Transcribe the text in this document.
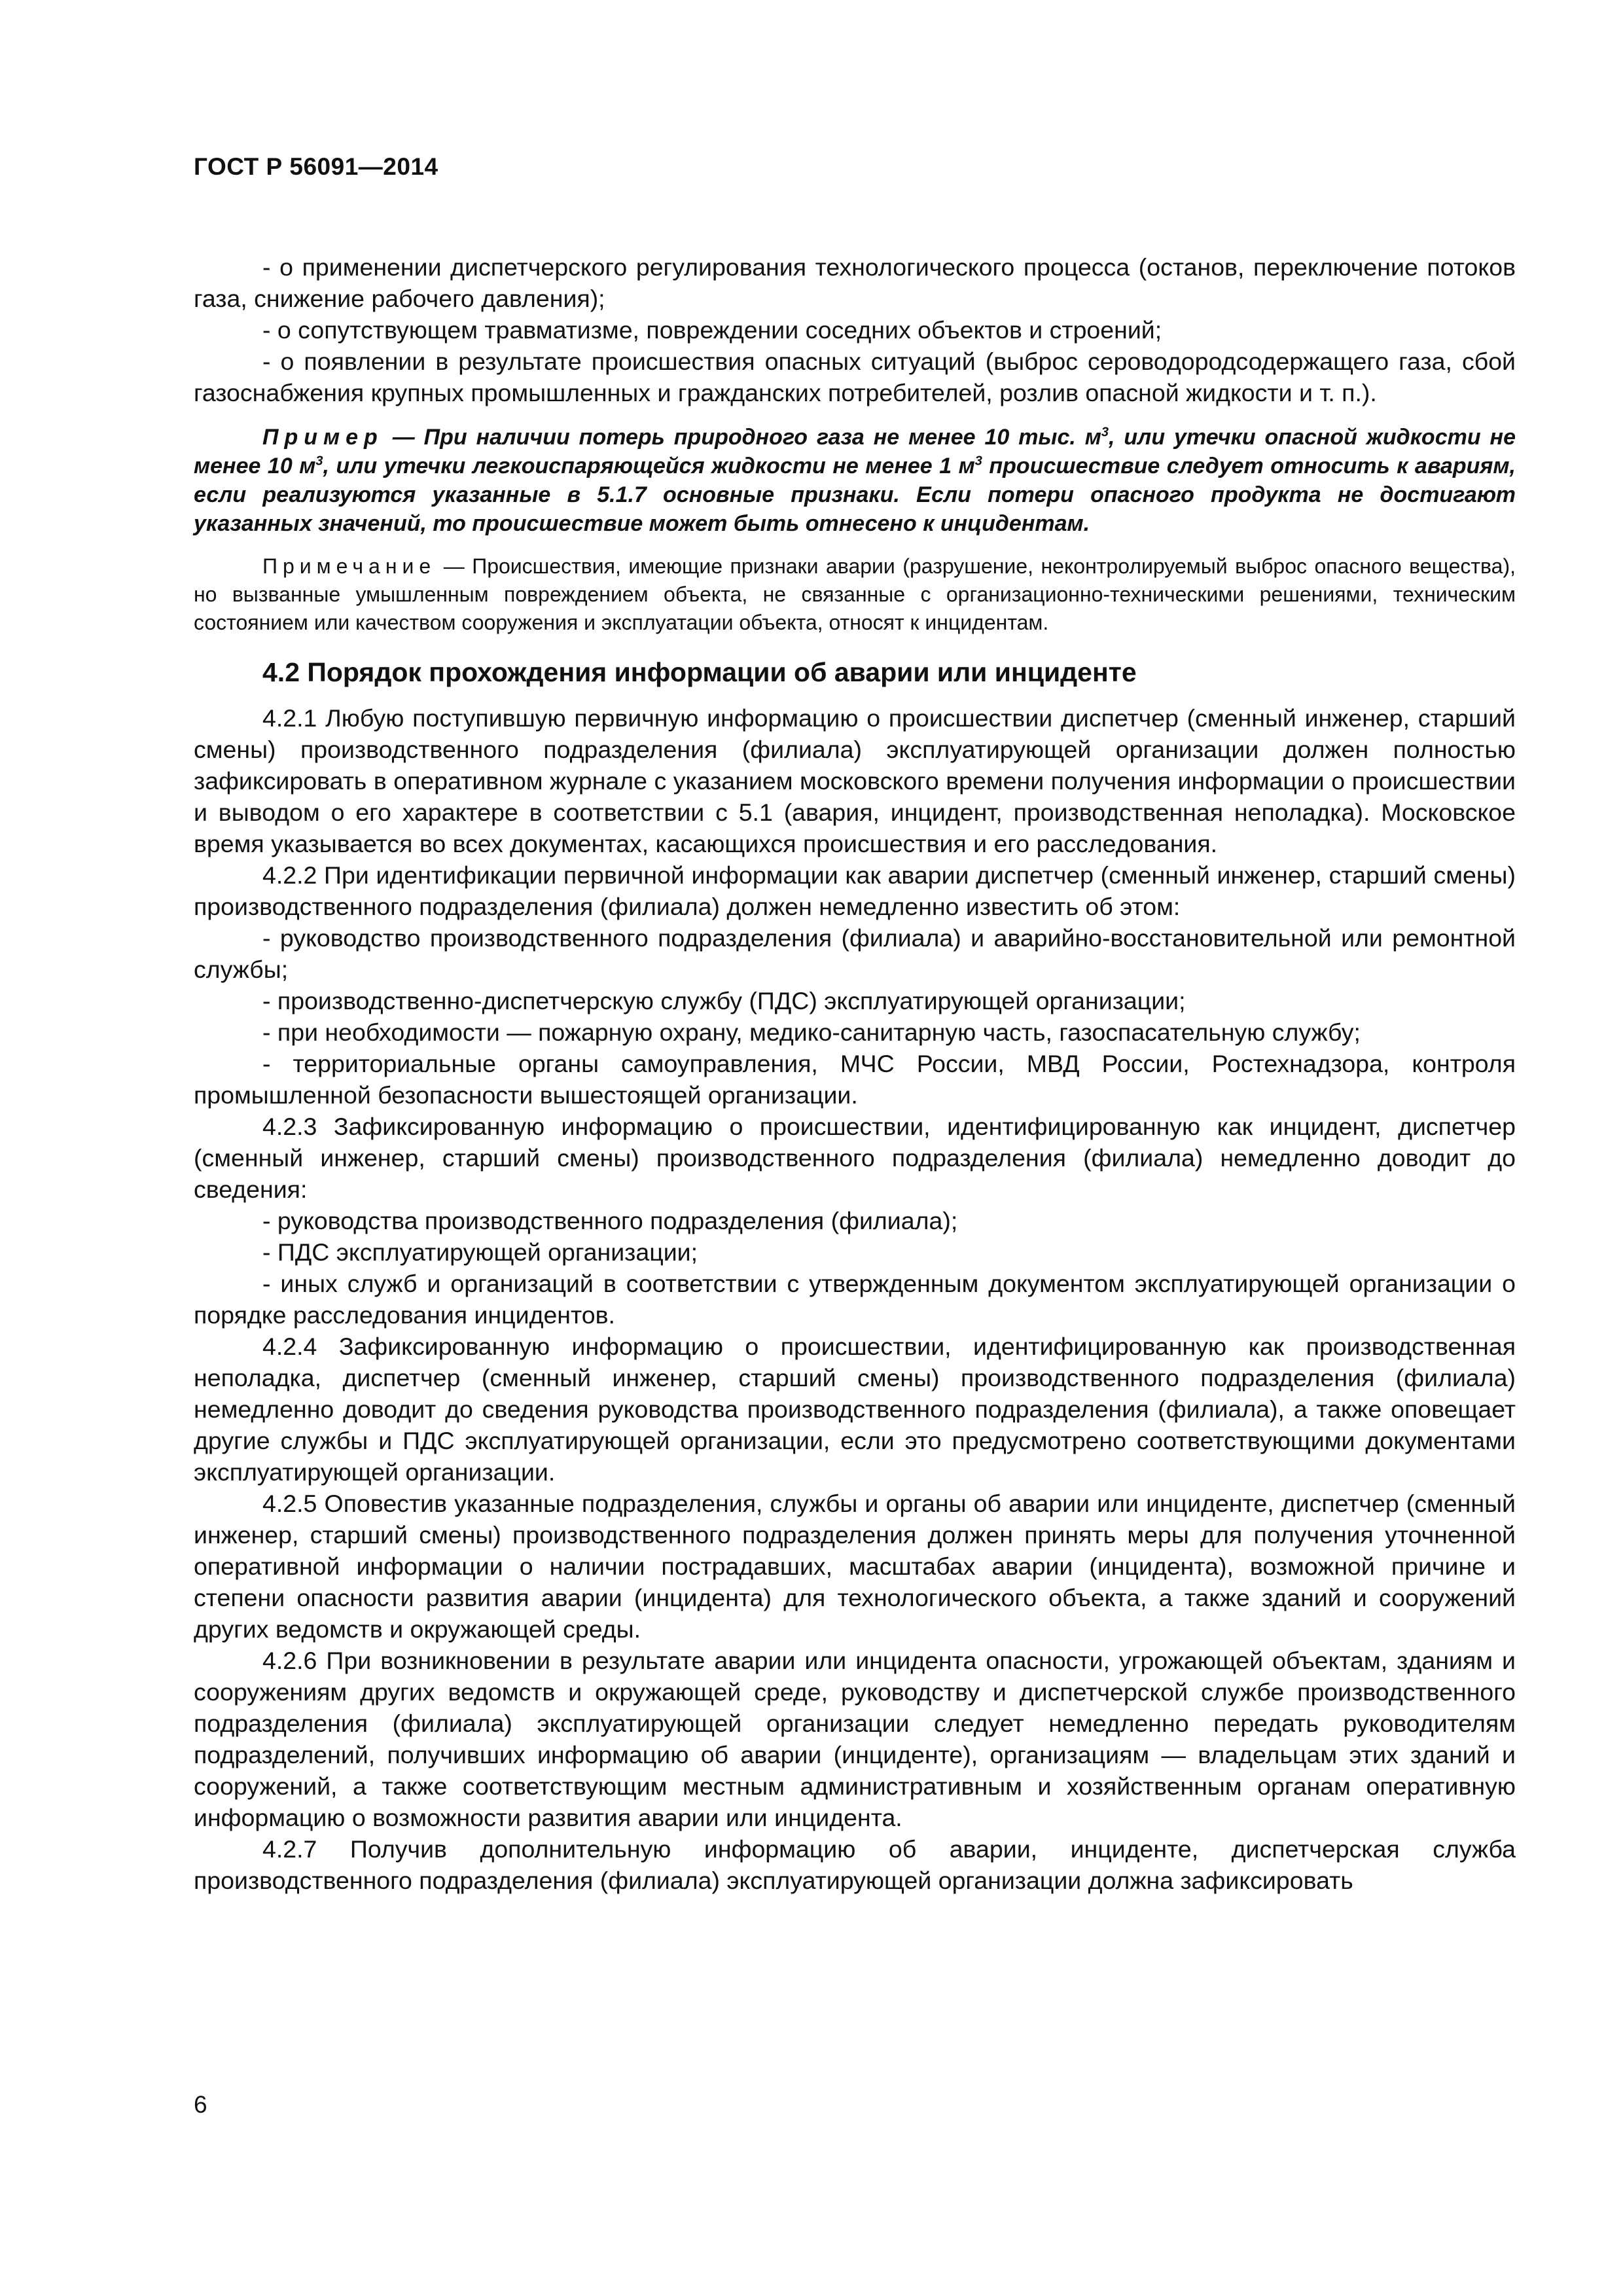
ГОСТ Р 56091—2014

- о применении диспетчерского регулирования технологического процесса (останов, переключение потоков газа, снижение рабочего давления);

- о сопутствующем травматизме, повреждении соседних объектов и строений;

- о появлении в результате происшествия опасных ситуаций (выброс сероводородсодержащего газа, сбой газоснабжения крупных промышленных и гражданских потребителей, розлив опасной жидкости и т. п.).

Пример — При наличии потерь природного газа не менее 10 тыс. $м^3$, или утечки опасной жидкости не менее 10 $м^3$, или утечки легкоиспаряющейся жидкости не менее 1 $м^3$ происшествие следует относить к авариям, если реализуются указанные в 5.1.7 основные признаки. Если потери опасного продукта не достигают указанных значений, то происшествие может быть отнесено к инцидентам.

Примечание — Происшествия, имеющие признаки аварии (разрушение, неконтролируемый выброс опасного вещества), но вызванные умышленным повреждением объекта, не связанные с организационно-техническими решениями, техническим состоянием или качеством сооружения и эксплуатации объекта, относят к инцидентам.

4.2 Порядок прохождения информации об аварии или инциденте

4.2.1 Любую поступившую первичную информацию о происшествии диспетчер (сменный инженер, старший смены) производственного подразделения (филиала) эксплуатирующей организации должен полностью зафиксировать в оперативном журнале с указанием московского времени получения информации о происшествии и выводом о его характере в соответствии с 5.1 (авария, инцидент, производственная неполадка). Московское время указывается во всех документах, касающихся происшествия и его расследования.

4.2.2 При идентификации первичной информации как аварии диспетчер (сменный инженер, старший смены) производственного подразделения (филиала) должен немедленно известить об этом:

- руководство производственного подразделения (филиала) и аварийно-восстановительной или ремонтной службы;

- производственно-диспетчерскую службу (ПДС) эксплуатирующей организации;

- при необходимости — пожарную охрану, медико-санитарную часть, газоспасательную службу;

- территориальные органы самоуправления, МЧС России, МВД России, Ростехнадзора, контроля промышленной безопасности вышестоящей организации.

4.2.3 Зафиксированную информацию о происшествии, идентифицированную как инцидент, диспетчер (сменный инженер, старший смены) производственного подразделения (филиала) немедленно доводит до сведения:

- руководства производственного подразделения (филиала);

- ПДС эксплуатирующей организации;

- иных служб и организаций в соответствии с утвержденным документом эксплуатирующей организации о порядке расследования инцидентов.

4.2.4 Зафиксированную информацию о происшествии, идентифицированную как производственная неполадка, диспетчер (сменный инженер, старший смены) производственного подразделения (филиала) немедленно доводит до сведения руководства производственного подразделения (филиала), а также оповещает другие службы и ПДС эксплуатирующей организации, если это предусмотрено соответствующими документами эксплуатирующей организации.

4.2.5 Оповестив указанные подразделения, службы и органы об аварии или инциденте, диспетчер (сменный инженер, старший смены) производственного подразделения должен принять меры для получения уточненной оперативной информации о наличии пострадавших, масштабах аварии (инцидента), возможной причине и степени опасности развития аварии (инцидента) для технологического объекта, а также зданий и сооружений других ведомств и окружающей среды.

4.2.6 При возникновении в результате аварии или инцидента опасности, угрожающей объектам, зданиям и сооружениям других ведомств и окружающей среде, руководству и диспетчерской службе производственного подразделения (филиала) эксплуатирующей организации следует немедленно передать руководителям подразделений, получивших информацию об аварии (инциденте), организациям — владельцам этих зданий и сооружений, а также соответствующим местным административным и хозяйственным органам оперативную информацию о возможности развития аварии или инцидента.

4.2.7 Получив дополнительную информацию об аварии, инциденте, диспетчерская служба производственного подразделения (филиала) эксплуатирующей организации должна зафиксировать

6
